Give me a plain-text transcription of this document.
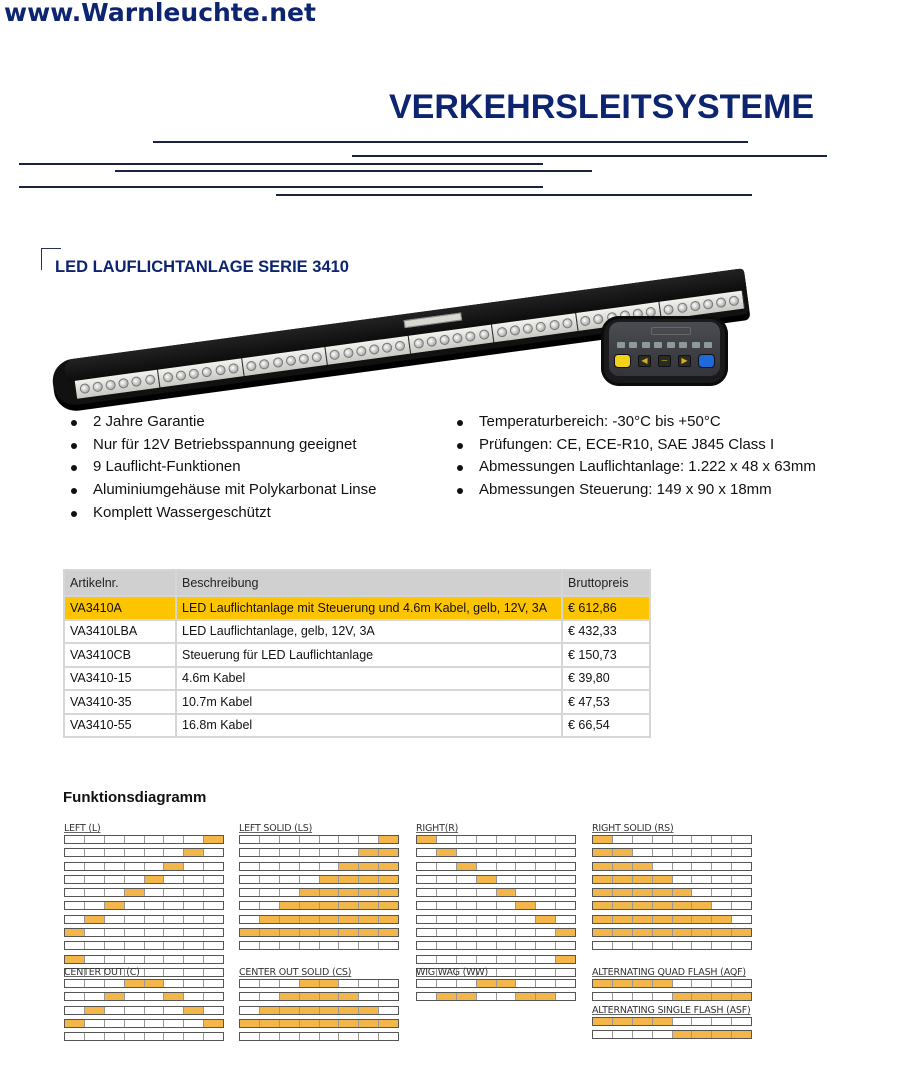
www.Warnleuchte.net
VERKEHRSLEITSYSTEME
LED LAUFLICHTANLAGE SERIE 3410
◀	─	▶
2 Jahre Garantie
Nur für 12V Betriebsspannung geeignet
9 Lauflicht-Funktionen
Aluminiumgehäuse mit Polykarbonat Linse
Komplett Wassergeschützt
Temperaturbereich: -30°C bis +50°C
Prüfungen: CE, ECE-R10, SAE J845 Class I
Abmessungen Lauflichtanlage: 1.222 x 48 x 63mm
Abmessungen Steuerung: 149 x 90 x 18mm
Artikelnr.	Beschreibung	Bruttopreis
VA3410A	LED Lauflichtanlage mit Steuerung und 4.6m Kabel, gelb, 12V, 3A	€ 612,86
VA3410LBA	LED Lauflichtanlage, gelb, 12V, 3A	€ 432,33
VA3410CB	Steuerung für LED Lauflichtanlage	€ 150,73
VA3410-15	4.6m Kabel	€ 39,80
VA3410-35	10.7m Kabel	€ 47,53
VA3410-55	16.8m Kabel	€ 66,54
Funktionsdiagramm
LEFT (L)	LEFT SOLID (LS)	RIGHT(R)	RIGHT SOLID (RS)
CENTER OUT (C)	CENTER OUT SOLID (CS)	WIG WAG (WW)	ALTERNATING QUAD FLASH (AQF)
ALTERNATING SINGLE FLASH (ASF)
